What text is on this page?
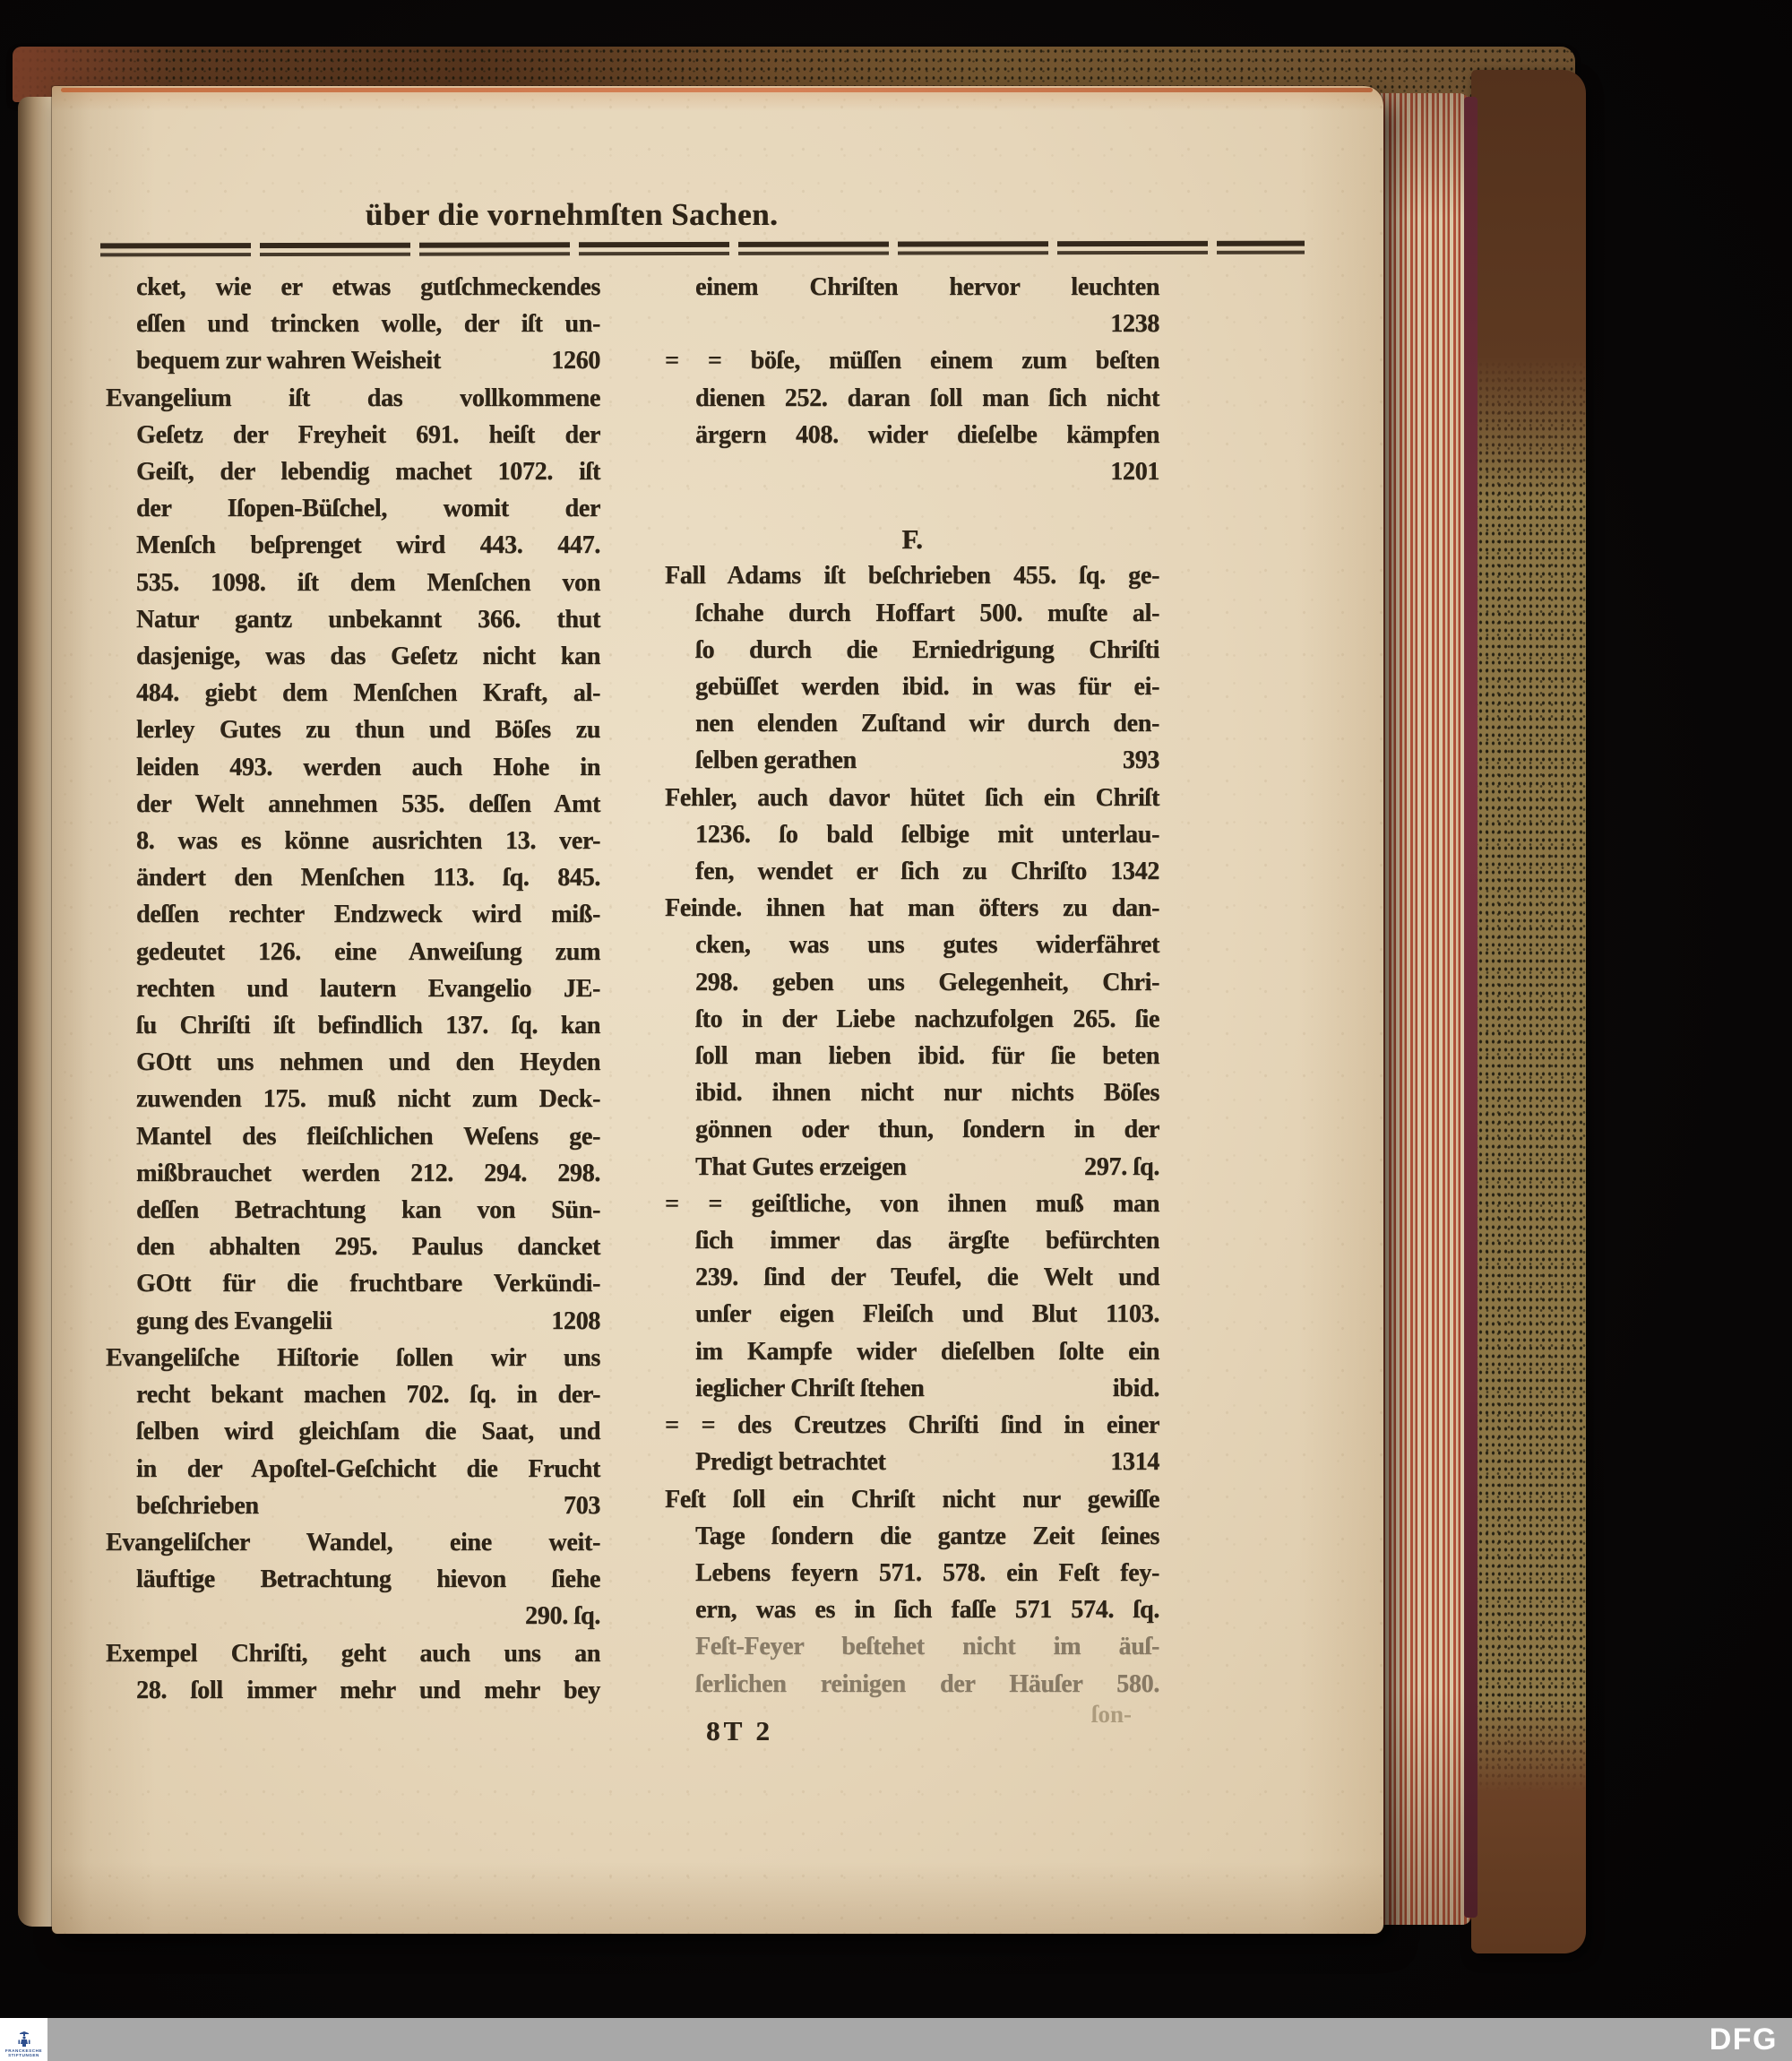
über die vornehmſten Sachen.
cket, wie er etwas gutſchmeckendes
eſſen und trincken wolle, der iſt un-
bequem zur wahren Weisheit	1260
Evangelium iſt das vollkommene
Geſetz der Freyheit 691. heiſt der
Geiſt, der lebendig machet 1072. iſt
der Iſopen-Büſchel, womit der
Menſch beſprenget wird 443. 447.
535. 1098. iſt dem Menſchen von
Natur gantz unbekannt 366. thut
dasjenige, was das Geſetz nicht kan
484. giebt dem Menſchen Kraft, al-
lerley Gutes zu thun und Böſes zu
leiden 493. werden auch Hohe in
der Welt annehmen 535. deſſen Amt
8. was es könne ausrichten 13. ver-
ändert den Menſchen 113. ſq. 845.
deſſen rechter Endzweck wird miß-
gedeutet 126. eine Anweiſung zum
rechten und lautern Evangelio JE-
ſu Chriſti iſt befindlich 137. ſq. kan
GOtt uns nehmen und den Heyden
zuwenden 175. muß nicht zum Deck-
Mantel des fleiſchlichen Weſens ge-
mißbrauchet werden 212. 294. 298.
deſſen Betrachtung kan von Sün-
den abhalten 295. Paulus dancket
GOtt für die fruchtbare Verkündi-
gung des Evangelii	1208
Evangeliſche Hiſtorie ſollen wir uns
recht bekant machen 702. ſq. in der-
ſelben wird gleichſam die Saat, und
in der Apoſtel-Geſchicht die Frucht
beſchrieben	703
Evangeliſcher Wandel, eine weit-
läuftige Betrachtung hievon ſiehe
290. ſq.
Exempel Chriſti, geht auch uns an
28. ſoll immer mehr und mehr bey
einem Chriſten hervor leuchten
1238
= = böſe, müſſen einem zum beſten
dienen 252. daran ſoll man ſich nicht
ärgern 408. wider dieſelbe kämpfen
1201
F.
Fall Adams iſt beſchrieben 455. ſq. ge-
ſchahe durch Hoffart 500. muſte al-
ſo durch die Erniedrigung Chriſti
gebüſſet werden ibid. in was für ei-
nen elenden Zuſtand wir durch den-
ſelben gerathen	393
Fehler, auch davor hütet ſich ein Chriſt
1236. ſo bald ſelbige mit unterlau-
fen, wendet er ſich zu Chriſto 1342
Feinde. ihnen hat man öfters zu dan-
cken, was uns gutes widerfähret
298. geben uns Gelegenheit, Chri-
ſto in der Liebe nachzufolgen 265. ſie
ſoll man lieben ibid. für ſie beten
ibid. ihnen nicht nur nichts Böſes
gönnen oder thun, ſondern in der
That Gutes erzeigen	297. ſq.
= = geiſtliche, von ihnen muß man
ſich immer das ärgſte befürchten
239. ſind der Teufel, die Welt und
unſer eigen Fleiſch und Blut 1103.
im Kampfe wider dieſelben ſolte ein
ieglicher Chriſt ſtehen	ibid.
= = des Creutzes Chriſti ſind in einer
Predigt betrachtet	1314
Feſt ſoll ein Chriſt nicht nur gewiſſe
Tage ſondern die gantze Zeit ſeines
Lebens feyern 571. 578. ein Feſt fey-
ern, was es in ſich faſſe 571 574. ſq.
Feſt-Feyer beſtehet nicht im äuſ-
ſerlichen reinigen der Häuſer 580.
8T 2
ſon-
FRANCKESCHE
STIFTUNGEN	DFG
